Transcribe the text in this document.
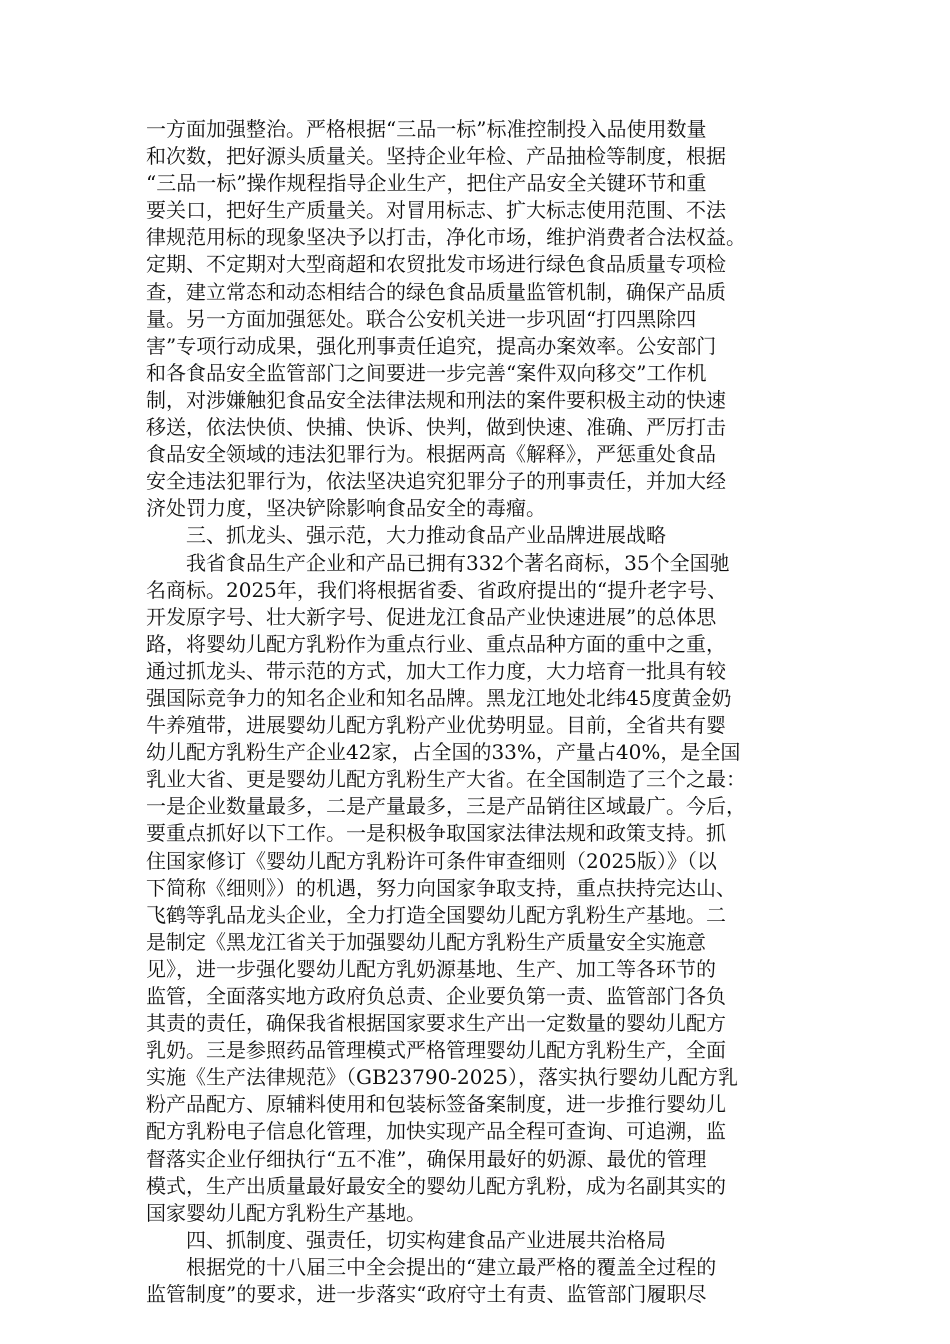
一方面加强整治。严格根据“三品一标”标准控制投入品使用数量
和次数，把好源头质量关。坚持企业年检、产品抽检等制度，根据
“三品一标”操作规程指导企业生产，把住产品安全关键环节和重
要关口，把好生产质量关。对冒用标志、扩大标志使用范围、不法
律规范用标的现象坚决予以打击，净化市场，维护消费者合法权益。
定期、不定期对大型商超和农贸批发市场进行绿色食品质量专项检
查，建立常态和动态相结合的绿色食品质量监管机制，确保产品质
量。另一方面加强惩处。联合公安机关进一步巩固“打四黑除四
害”专项行动成果，强化刑事责任追究，提高办案效率。公安部门
和各食品安全监管部门之间要进一步完善“案件双向移交”工作机
制，对涉嫌触犯食品安全法律法规和刑法的案件要积极主动的快速
移送，依法快侦、快捕、快诉、快判，做到快速、准确、严厉打击
食品安全领域的违法犯罪行为。根据两高《解释》，严惩重处食品
安全违法犯罪行为，依法坚决追究犯罪分子的刑事责任，并加大经
济处罚力度，坚决铲除影响食品安全的毒瘤。
三、抓龙头、强示范，大力推动食品产业品牌进展战略
我省食品生产企业和产品已拥有332个著名商标，35个全国驰
名商标。2025年，我们将根据省委、省政府提出的“提升老字号、
开发原字号、壮大新字号、促进龙江食品产业快速进展”的总体思
路，将婴幼儿配方乳粉作为重点行业、重点品种方面的重中之重，
通过抓龙头、带示范的方式，加大工作力度，大力培育一批具有较
强国际竞争力的知名企业和知名品牌。黑龙江地处北纬45度黄金奶
牛养殖带，进展婴幼儿配方乳粉产业优势明显。目前，全省共有婴
幼儿配方乳粉生产企业42家，占全国的33%，产量占40%，是全国
乳业大省、更是婴幼儿配方乳粉生产大省。在全国制造了三个之最：
一是企业数量最多，二是产量最多，三是产品销往区域最广。今后，
要重点抓好以下工作。一是积极争取国家法律法规和政策支持。抓
住国家修订《婴幼儿配方乳粉许可条件审查细则（2025版）》（以
下简称《细则》）的机遇，努力向国家争取支持，重点扶持完达山、
飞鹤等乳品龙头企业，全力打造全国婴幼儿配方乳粉生产基地。二
是制定《黑龙江省关于加强婴幼儿配方乳粉生产质量安全实施意
见》，进一步强化婴幼儿配方乳奶源基地、生产、加工等各环节的
监管，全面落实地方政府负总责、企业要负第一责、监管部门各负
其责的责任，确保我省根据国家要求生产出一定数量的婴幼儿配方
乳奶。三是参照药品管理模式严格管理婴幼儿配方乳粉生产，全面
实施《生产法律规范》（GB23790-2025），落实执行婴幼儿配方乳
粉产品配方、原辅料使用和包装标签备案制度，进一步推行婴幼儿
配方乳粉电子信息化管理，加快实现产品全程可查询、可追溯，监
督落实企业仔细执行“五不准”，确保用最好的奶源、最优的管理
模式，生产出质量最好最安全的婴幼儿配方乳粉，成为名副其实的
国家婴幼儿配方乳粉生产基地。
四、抓制度、强责任，切实构建食品产业进展共治格局
根据党的十八届三中全会提出的“建立最严格的覆盖全过程的
监管制度”的要求，进一步落实“政府守土有责、监管部门履职尽
